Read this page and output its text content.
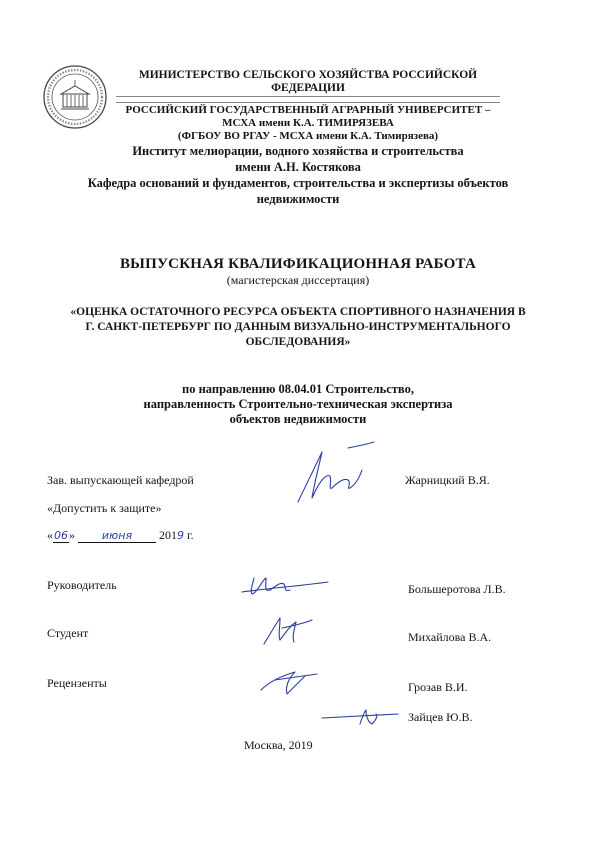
МИНИСТЕРСТВО СЕЛЬСКОГО ХОЗЯЙСТВА РОССИЙСКОЙ ФЕДЕРАЦИИ
РОССИЙСКИЙ ГОСУДАРСТВЕННЫЙ АГРАРНЫЙ УНИВЕРСИТЕТ –
МСХА имени К.А. ТИМИРЯЗЕВА
(ФГБОУ ВО РГАУ - МСХА имени К.А. Тимирязева)
Институт мелиорации, водного хозяйства и строительства
имени А.Н. Костякова
Кафедра оснований и фундаментов, строительства и экспертизы объектов
недвижимости
ВЫПУСКНАЯ КВАЛИФИКАЦИОННАЯ РАБОТА
(магистерская диссертация)
«ОЦЕНКА ОСТАТОЧНОГО РЕСУРСА ОБЪЕКТА СПОРТИВНОГО НАЗНАЧЕНИЯ В
Г. САНКТ-ПЕТЕРБУРГ ПО ДАННЫМ ВИЗУАЛЬНО-ИНСТРУМЕНТАЛЬНОГО
ОБСЛЕДОВАНИЯ»
по направлению 08.04.01 Строительство,
направленность Строительно-техническая экспертиза
объектов недвижимости
Зав. выпускающей кафедрой	Жарницкий В.Я.
«Допустить к защите»
«06» июня 2019 г.
Руководитель	Большеротова Л.В.
Студент	Михайлова В.А.
Рецензенты	Грозав В.И.
Зайцев Ю.В.
Москва, 2019
